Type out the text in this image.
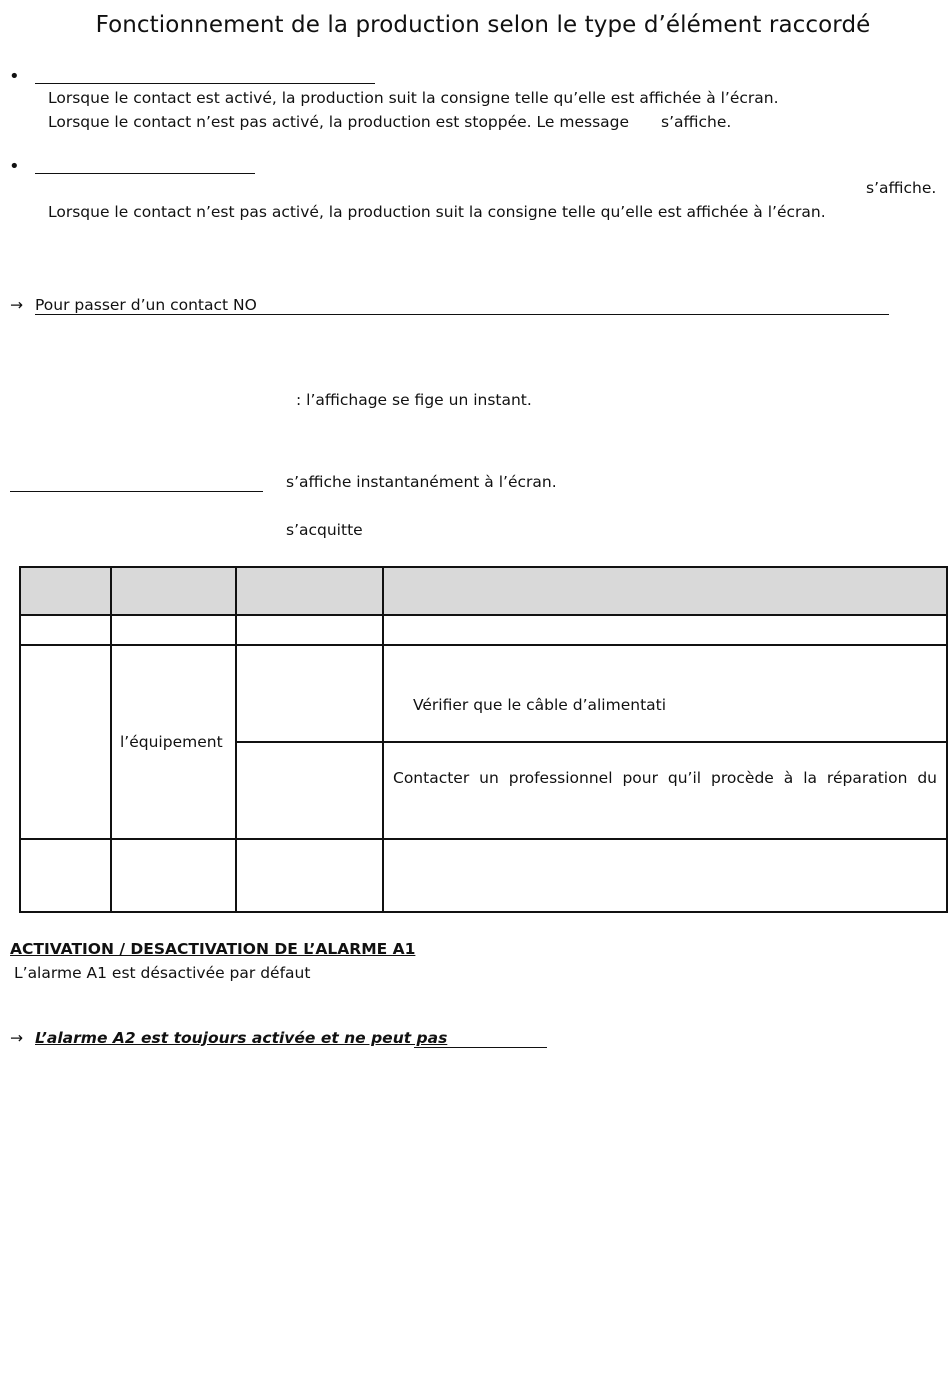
Fonctionnement de la production selon le type d’élément raccordé
•
Lorsque le contact est activé, la production suit la consigne telle qu’elle est affichée à l’écran.
Lorsque le contact n’est pas activé, la production est stoppée. Le message s’affiche.
•
s’affiche.
Lorsque le contact n’est pas activé, la production suit la consigne telle qu’elle est affichée à l’écran.
→ Pour passer d’un contact NO
: l’affichage se fige un instant.
s’affiche instantanément à l’écran.
s’acquitte

	l’équipement		Vérifier que le câble d’alimentati

			Contacter un professionnel pour qu’il procède à la réparation du

ACTIVATION / DESACTIVATION DE L’ALARME A1
L’alarme A1 est désactivée par défaut
→ L’alarme A2 est toujours activée et ne peut pas
